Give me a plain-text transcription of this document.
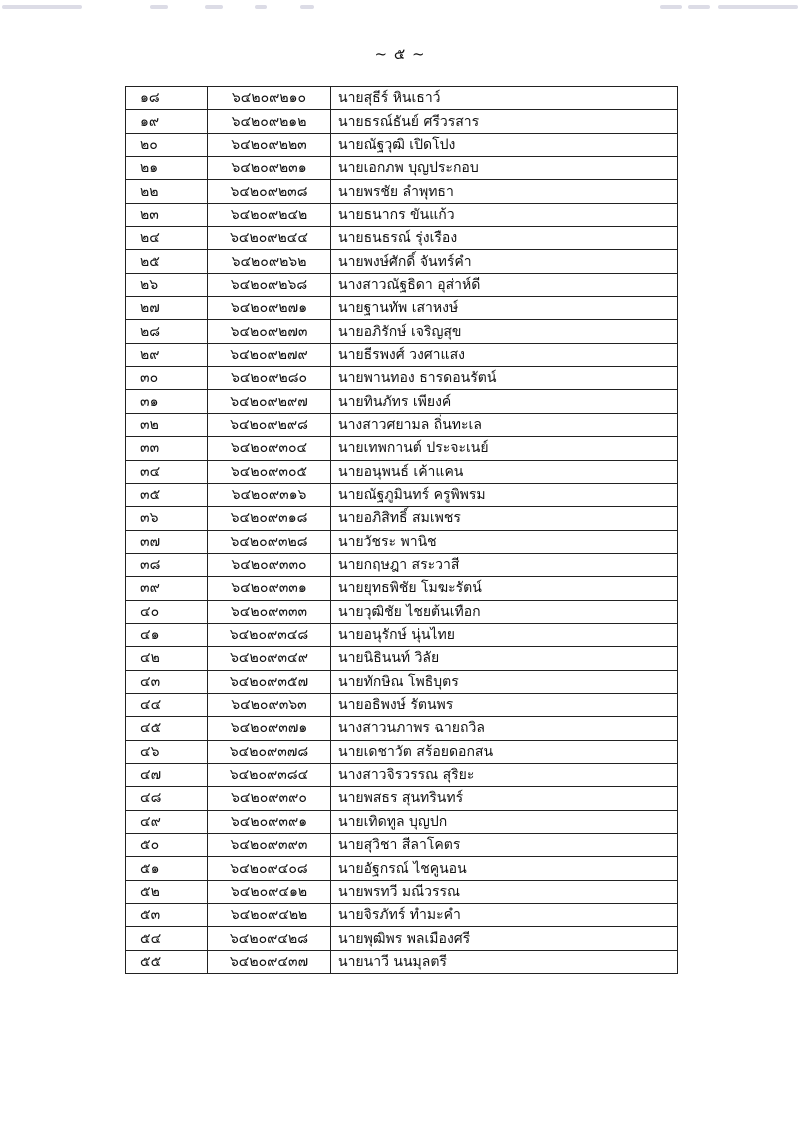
~ ๕ ~
๑๘	๖๔๒๐๙๒๑๐	นายสุธีร์ หินเธาว์
๑๙	๖๔๒๐๙๒๑๒	นายธรณ์ธันย์ ศรีวรสาร
๒๐	๖๔๒๐๙๒๒๓	นายณัฐวุฒิ เปิดโปง
๒๑	๖๔๒๐๙๒๓๑	นายเอกภพ บุญประกอบ
๒๒	๖๔๒๐๙๒๓๘	นายพรชัย ลำพุทธา
๒๓	๖๔๒๐๙๒๔๒	นายธนากร ขันแก้ว
๒๔	๖๔๒๐๙๒๔๔	นายธนธรณ์ รุ่งเรือง
๒๕	๖๔๒๐๙๒๖๒	นายพงษ์ศักดิ์ จันทร์คำ
๒๖	๖๔๒๐๙๒๖๘	นางสาวณัฐธิดา อุส่าห์ดี
๒๗	๖๔๒๐๙๒๗๑	นายฐานทัพ เสาหงษ์
๒๘	๖๔๒๐๙๒๗๓	นายอภิรักษ์ เจริญสุข
๒๙	๖๔๒๐๙๒๗๙	นายธีรพงศ์ วงศาแสง
๓๐	๖๔๒๐๙๒๘๐	นายพานทอง ธารดอนรัตน์
๓๑	๖๔๒๐๙๒๙๗	นายทินภัทร เพียงค์
๓๒	๖๔๒๐๙๒๙๘	นางสาวศยามล ถิ่นทะเล
๓๓	๖๔๒๐๙๓๐๔	นายเทพกานต์ ประจะเนย์
๓๔	๖๔๒๐๙๓๐๕	นายอนุพนธ์ เค้าแคน
๓๕	๖๔๒๐๙๓๑๖	นายณัฐภูมินทร์ ครูพิพรม
๓๖	๖๔๒๐๙๓๑๘	นายอภิสิทธิ์ สมเพชร
๓๗	๖๔๒๐๙๓๒๘	นายวัชระ พานิช
๓๘	๖๔๒๐๙๓๓๐	นายกฤษฎา สระวาสี
๓๙	๖๔๒๐๙๓๓๑	นายยุทธพิชัย โมฆะรัตน์
๔๐	๖๔๒๐๙๓๓๓	นายวุฒิชัย ไชยต้นเทือก
๔๑	๖๔๒๐๙๓๔๘	นายอนุรักษ์ นุ่นไทย
๔๒	๖๔๒๐๙๓๔๙	นายนิธินนท์ วิลัย
๔๓	๖๔๒๐๙๓๕๗	นายทักษิณ โพธิบุตร
๔๔	๖๔๒๐๙๓๖๓	นายอธิพงษ์ รัตนพร
๔๕	๖๔๒๐๙๓๗๑	นางสาวนภาพร ฉายถวิล
๔๖	๖๔๒๐๙๓๗๘	นายเดชาวัต สร้อยดอกสน
๔๗	๖๔๒๐๙๓๘๔	นางสาวจิรวรรณ สุริยะ
๔๘	๖๔๒๐๙๓๙๐	นายพสธร สุนทรินทร์
๔๙	๖๔๒๐๙๓๙๑	นายเทิดทูล บุญปก
๕๐	๖๔๒๐๙๓๙๓	นายสุวิชา สีลาโคตร
๕๑	๖๔๒๐๙๔๐๘	นายอัฐกรณ์ ไชคูนอน
๕๒	๖๔๒๐๙๔๑๒	นายพรทวี มณีวรรณ
๕๓	๖๔๒๐๙๔๒๒	นายจิรภัทร์ ทำมะคำ
๕๔	๖๔๒๐๙๔๒๘	นายพุฒิพร พลเมืองศรี
๕๕	๖๔๒๐๙๔๓๗	นายนาวี นนมุลตรี
